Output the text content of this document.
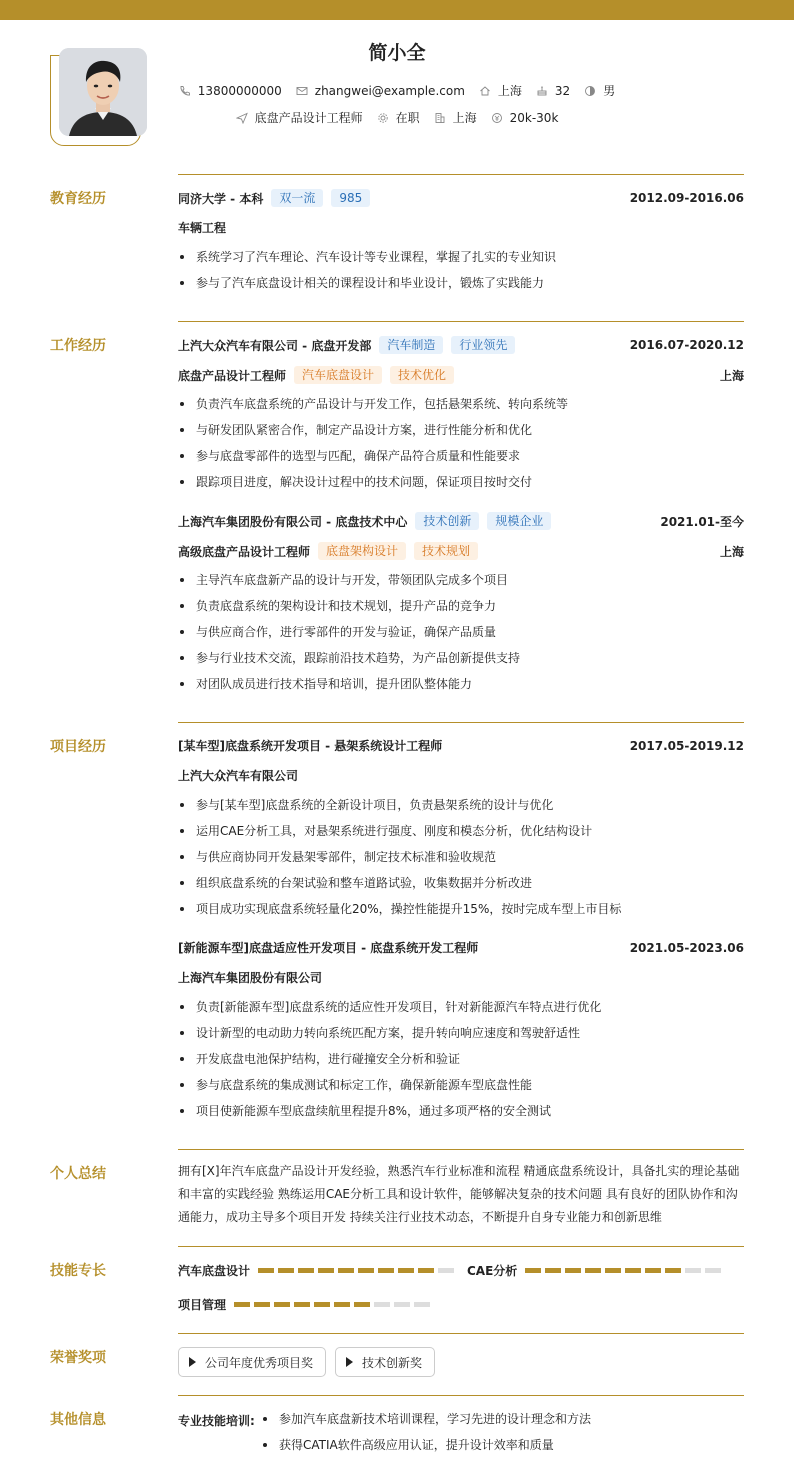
简小全
13800000000	zhangwei@example.com	上海	32	男
底盘产品设计工程师	在职	上海	20k-30k
教育经历	同济大学 - 本科	双一流	985	2012.09-2016.06
车辆工程
系统学习了汽车理论、汽车设计等专业课程，掌握了扎实的专业知识
参与了汽车底盘设计相关的课程设计和毕业设计，锻炼了实践能力
工作经历	上汽大众汽车有限公司 - 底盘开发部	汽车制造	行业领先	2016.07-2020.12
底盘产品设计工程师	汽车底盘设计	技术优化	上海
负责汽车底盘系统的产品设计与开发工作，包括悬架系统、转向系统等
与研发团队紧密合作，制定产品设计方案，进行性能分析和优化
参与底盘零部件的选型与匹配，确保产品符合质量和性能要求
跟踪项目进度，解决设计过程中的技术问题，保证项目按时交付
上海汽车集团股份有限公司 - 底盘技术中心	技术创新	规模企业	2021.01-至今
高级底盘产品设计工程师	底盘架构设计	技术规划	上海
主导汽车底盘新产品的设计与开发，带领团队完成多个项目
负责底盘系统的架构设计和技术规划，提升产品的竞争力
与供应商合作，进行零部件的开发与验证，确保产品质量
参与行业技术交流，跟踪前沿技术趋势，为产品创新提供支持
对团队成员进行技术指导和培训，提升团队整体能力
项目经历	[某车型]底盘系统开发项目 - 悬架系统设计工程师	2017.05-2019.12
上汽大众汽车有限公司
参与[某车型]底盘系统的全新设计项目，负责悬架系统的设计与优化
运用CAE分析工具，对悬架系统进行强度、刚度和模态分析，优化结构设计
与供应商协同开发悬架零部件，制定技术标准和验收规范
组织底盘系统的台架试验和整车道路试验，收集数据并分析改进
项目成功实现底盘系统轻量化20%，操控性能提升15%，按时完成车型上市目标
[新能源车型]底盘适应性开发项目 - 底盘系统开发工程师	2021.05-2023.06
上海汽车集团股份有限公司
负责[新能源车型]底盘系统的适应性开发项目，针对新能源汽车特点进行优化
设计新型的电动助力转向系统匹配方案，提升转向响应速度和驾驶舒适性
开发底盘电池保护结构，进行碰撞安全分析和验证
参与底盘系统的集成测试和标定工作，确保新能源车型底盘性能
项目使新能源车型底盘续航里程提升8%，通过多项严格的安全测试
个人总结	拥有[X]年汽车底盘产品设计开发经验，熟悉汽车行业标准和流程 精通底盘系统设计，具备扎实的理论基础
和丰富的实践经验 熟练运用CAE分析工具和设计软件，能够解决复杂的技术问题 具有良好的团队协作和沟
通能力，成功主导多个项目开发 持续关注行业技术动态，不断提升自身专业能力和创新思维
技能专长	汽车底盘设计	CAE分析
项目管理
荣誉奖项	公司年度优秀项目奖	技术创新奖
其他信息	专业技能培训:	参加汽车底盘新技术培训课程，学习先进的设计理念和方法
获得CATIA软件高级应用认证，提升设计效率和质量
